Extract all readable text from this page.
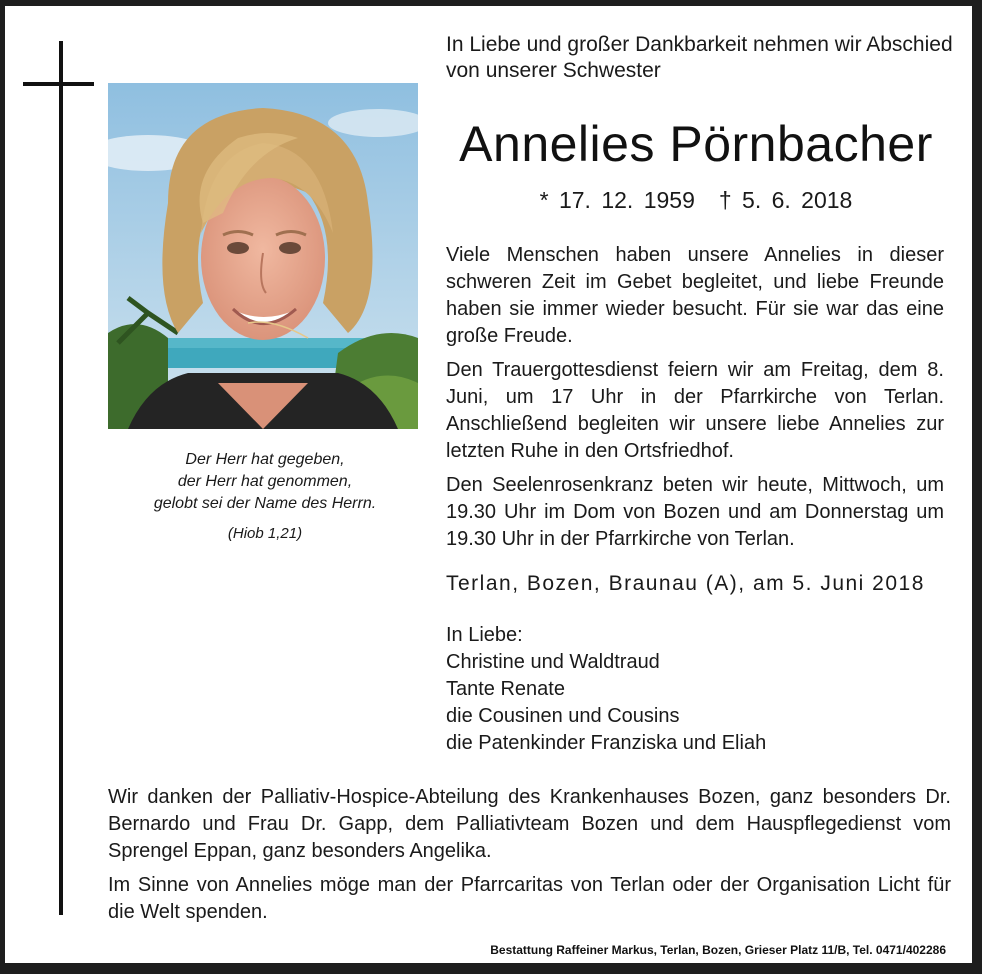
Der Herr hat gegeben,
der Herr hat genommen,
gelobt sei der Name des Herrn.
(Hiob 1,21)
In Liebe und großer Dankbarkeit nehmen wir Abschied
von unserer Schwester
Annelies Pörnbacher
* 17. 12. 1959 † 5. 6. 2018

Viele Menschen haben unsere Annelies in dieser schweren Zeit im Gebet begleitet, und liebe Freunde haben sie immer wieder besucht. Für sie war das eine große Freude.

Den Trauergottesdienst feiern wir am Freitag, dem 8. Juni, um 17 Uhr in der Pfarrkirche von Terlan. Anschließend begleiten wir unsere liebe Annelies zur letzten Ruhe in den Ortsfriedhof.

Den Seelenrosenkranz beten wir heute, Mittwoch, um 19.30 Uhr im Dom von Bozen und am Donnerstag um 19.30 Uhr in der Pfarrkirche von Terlan.

Terlan, Bozen, Braunau (A), am 5. Juni 2018
In Liebe:
Christine und Waldtraud
Tante Renate
die Cousinen und Cousins
die Patenkinder Franziska und Eliah

Wir danken der Palliativ-Hospice-Abteilung des Krankenhauses Bozen, ganz besonders Dr. Bernardo und Frau Dr. Gapp, dem Palliativteam Bozen und dem Hauspflegedienst vom Sprengel Eppan, ganz besonders Angelika.

Im Sinne von Annelies möge man der Pfarrcaritas von Terlan oder der Organisation Licht für die Welt spenden.

Bestattung Raffeiner Markus, Terlan, Bozen, Grieser Platz 11/B, Tel. 0471/402286
